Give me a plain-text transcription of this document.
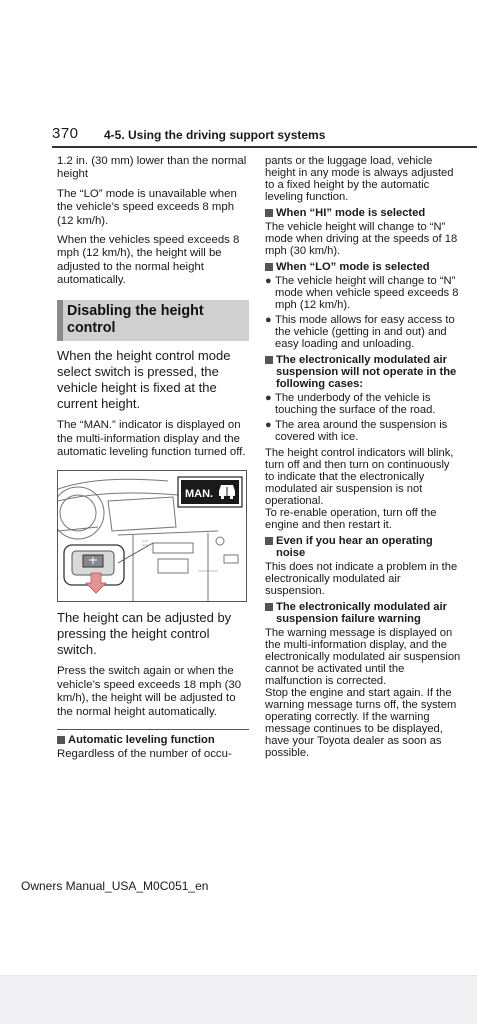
370 4-5. Using the driving support systems

1.2 in. (30 mm) lower than the normal height

The “LO” mode is unavailable when the vehicle’s speed exceeds 8 mph (12 km/h).

When the vehicles speed exceeds 8 mph (12 km/h), the height will be adjusted to the normal height automatically.

Disabling the height control

When the height control mode select switch is pressed, the vehicle height is fixed at the current height.

The “MAN.” indicator is displayed on the multi-information display and the automatic leveling function turned off.

MAN.

The height can be adjusted by pressing the height control switch.

Press the switch again or when the vehicle’s speed exceeds 18 mph (30 km/h), the height will be adjusted to the normal height automatically.

Automatic leveling function

Regardless of the number of occu-

pants or the luggage load, vehicle height in any mode is always adjusted to a fixed height by the automatic leveling function.

When “HI” mode is selected

The vehicle height will change to “N” mode when driving at the speeds of 18 mph (30 km/h).

When “LO” mode is selected
● The vehicle height will change to “N” mode when vehicle speed exceeds 8 mph (12 km/h).
● This mode allows for easy access to the vehicle (getting in and out) and easy loading and unloading.
The electronically modulated air suspension will not operate in the following cases:
● The underbody of the vehicle is touching the surface of the road.
● The area around the suspension is covered with ice.

The height control indicators will blink, turn off and then turn on continuously to indicate that the electronically modulated air suspension is not operational.

To re-enable operation, turn off the engine and then restart it.

Even if you hear an operating noise

This does not indicate a problem in the electronically modulated air suspension.

The electronically modulated air suspension failure warning

The warning message is displayed on the multi-information display, and the electronically modulated air suspension cannot be activated until the malfunction is corrected.

Stop the engine and start again. If the warning message turns off, the system operating correctly. If the warning message continues to be displayed, have your Toyota dealer as soon as possible.

Owners Manual_USA_M0C051_en
